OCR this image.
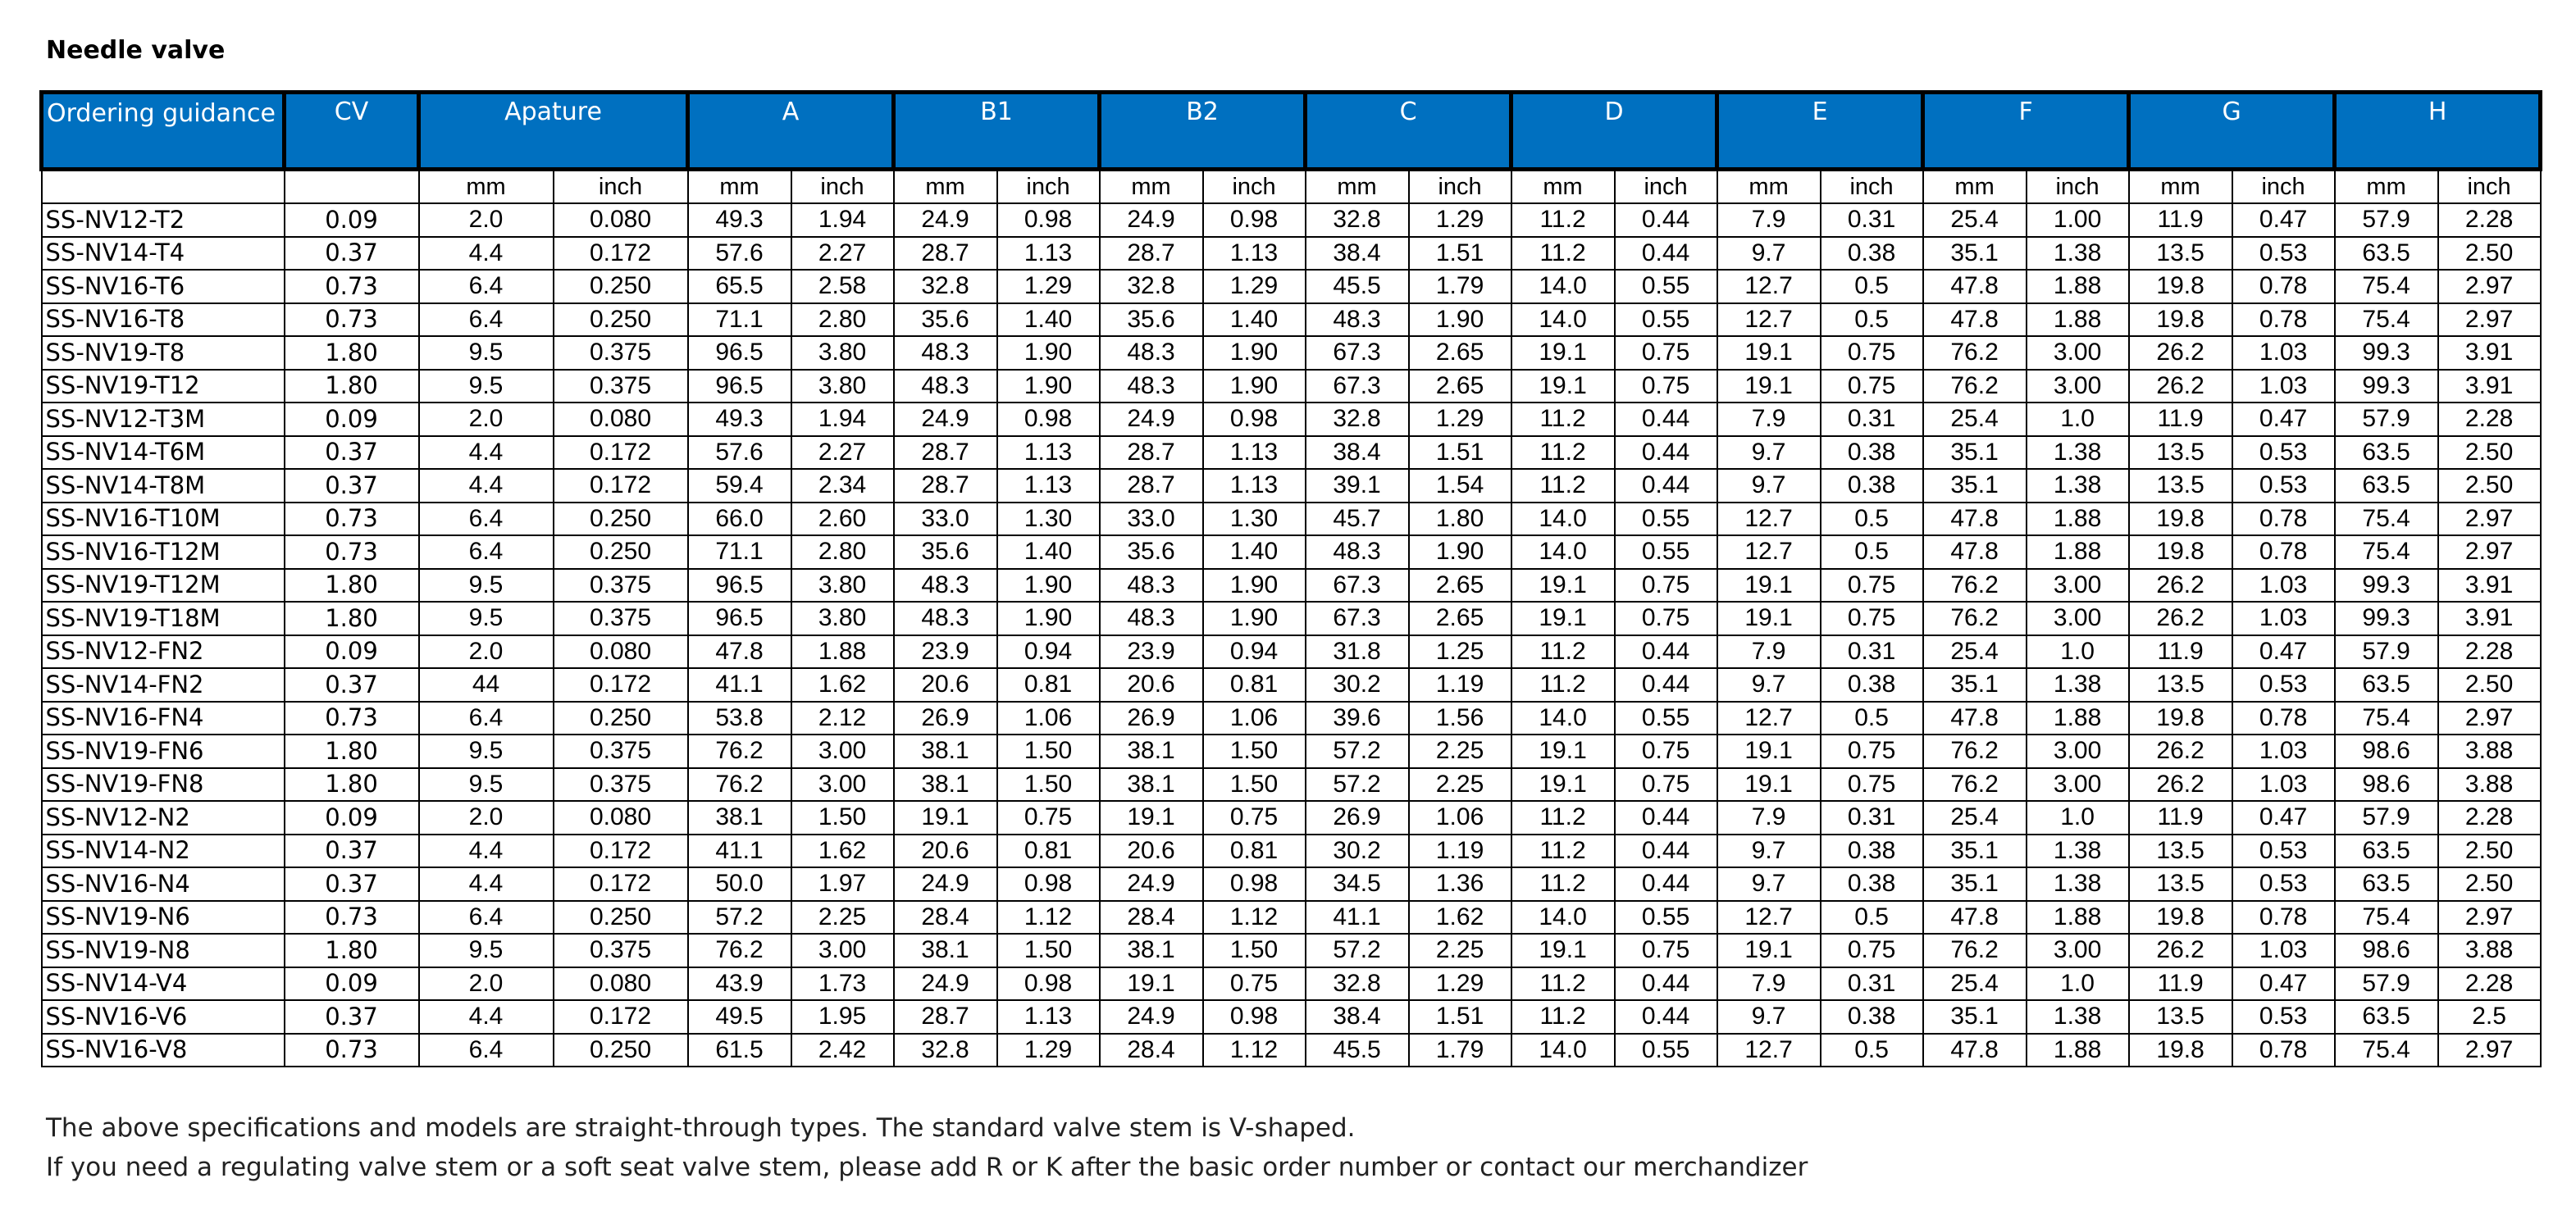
Needle valve
Ordering guidance	CV	Apature		A		B1		B2		C		D		E		F		G		H	
		mm	inch	mm	inch	mm	inch	mm	inch	mm	inch	mm	inch	mm	inch	mm	inch	mm	inch	mm	inch
SS-NV12-T2	0.09	2.0	0.080	49.3	1.94	24.9	0.98	24.9	0.98	32.8	1.29	11.2	0.44	7.9	0.31	25.4	1.00	11.9	0.47	57.9	2.28
SS-NV14-T4	0.37	4.4	0.172	57.6	2.27	28.7	1.13	28.7	1.13	38.4	1.51	11.2	0.44	9.7	0.38	35.1	1.38	13.5	0.53	63.5	2.50
SS-NV16-T6	0.73	6.4	0.250	65.5	2.58	32.8	1.29	32.8	1.29	45.5	1.79	14.0	0.55	12.7	0.5	47.8	1.88	19.8	0.78	75.4	2.97
SS-NV16-T8	0.73	6.4	0.250	71.1	2.80	35.6	1.40	35.6	1.40	48.3	1.90	14.0	0.55	12.7	0.5	47.8	1.88	19.8	0.78	75.4	2.97
SS-NV19-T8	1.80	9.5	0.375	96.5	3.80	48.3	1.90	48.3	1.90	67.3	2.65	19.1	0.75	19.1	0.75	76.2	3.00	26.2	1.03	99.3	3.91
SS-NV19-T12	1.80	9.5	0.375	96.5	3.80	48.3	1.90	48.3	1.90	67.3	2.65	19.1	0.75	19.1	0.75	76.2	3.00	26.2	1.03	99.3	3.91
SS-NV12-T3M	0.09	2.0	0.080	49.3	1.94	24.9	0.98	24.9	0.98	32.8	1.29	11.2	0.44	7.9	0.31	25.4	1.0	11.9	0.47	57.9	2.28
SS-NV14-T6M	0.37	4.4	0.172	57.6	2.27	28.7	1.13	28.7	1.13	38.4	1.51	11.2	0.44	9.7	0.38	35.1	1.38	13.5	0.53	63.5	2.50
SS-NV14-T8M	0.37	4.4	0.172	59.4	2.34	28.7	1.13	28.7	1.13	39.1	1.54	11.2	0.44	9.7	0.38	35.1	1.38	13.5	0.53	63.5	2.50
SS-NV16-T10M	0.73	6.4	0.250	66.0	2.60	33.0	1.30	33.0	1.30	45.7	1.80	14.0	0.55	12.7	0.5	47.8	1.88	19.8	0.78	75.4	2.97
SS-NV16-T12M	0.73	6.4	0.250	71.1	2.80	35.6	1.40	35.6	1.40	48.3	1.90	14.0	0.55	12.7	0.5	47.8	1.88	19.8	0.78	75.4	2.97
SS-NV19-T12M	1.80	9.5	0.375	96.5	3.80	48.3	1.90	48.3	1.90	67.3	2.65	19.1	0.75	19.1	0.75	76.2	3.00	26.2	1.03	99.3	3.91
SS-NV19-T18M	1.80	9.5	0.375	96.5	3.80	48.3	1.90	48.3	1.90	67.3	2.65	19.1	0.75	19.1	0.75	76.2	3.00	26.2	1.03	99.3	3.91
SS-NV12-FN2	0.09	2.0	0.080	47.8	1.88	23.9	0.94	23.9	0.94	31.8	1.25	11.2	0.44	7.9	0.31	25.4	1.0	11.9	0.47	57.9	2.28
SS-NV14-FN2	0.37	44	0.172	41.1	1.62	20.6	0.81	20.6	0.81	30.2	1.19	11.2	0.44	9.7	0.38	35.1	1.38	13.5	0.53	63.5	2.50
SS-NV16-FN4	0.73	6.4	0.250	53.8	2.12	26.9	1.06	26.9	1.06	39.6	1.56	14.0	0.55	12.7	0.5	47.8	1.88	19.8	0.78	75.4	2.97
SS-NV19-FN6	1.80	9.5	0.375	76.2	3.00	38.1	1.50	38.1	1.50	57.2	2.25	19.1	0.75	19.1	0.75	76.2	3.00	26.2	1.03	98.6	3.88
SS-NV19-FN8	1.80	9.5	0.375	76.2	3.00	38.1	1.50	38.1	1.50	57.2	2.25	19.1	0.75	19.1	0.75	76.2	3.00	26.2	1.03	98.6	3.88
SS-NV12-N2	0.09	2.0	0.080	38.1	1.50	19.1	0.75	19.1	0.75	26.9	1.06	11.2	0.44	7.9	0.31	25.4	1.0	11.9	0.47	57.9	2.28
SS-NV14-N2	0.37	4.4	0.172	41.1	1.62	20.6	0.81	20.6	0.81	30.2	1.19	11.2	0.44	9.7	0.38	35.1	1.38	13.5	0.53	63.5	2.50
SS-NV16-N4	0.37	4.4	0.172	50.0	1.97	24.9	0.98	24.9	0.98	34.5	1.36	11.2	0.44	9.7	0.38	35.1	1.38	13.5	0.53	63.5	2.50
SS-NV19-N6	0.73	6.4	0.250	57.2	2.25	28.4	1.12	28.4	1.12	41.1	1.62	14.0	0.55	12.7	0.5	47.8	1.88	19.8	0.78	75.4	2.97
SS-NV19-N8	1.80	9.5	0.375	76.2	3.00	38.1	1.50	38.1	1.50	57.2	2.25	19.1	0.75	19.1	0.75	76.2	3.00	26.2	1.03	98.6	3.88
SS-NV14-V4	0.09	2.0	0.080	43.9	1.73	24.9	0.98	19.1	0.75	32.8	1.29	11.2	0.44	7.9	0.31	25.4	1.0	11.9	0.47	57.9	2.28
SS-NV16-V6	0.37	4.4	0.172	49.5	1.95	28.7	1.13	24.9	0.98	38.4	1.51	11.2	0.44	9.7	0.38	35.1	1.38	13.5	0.53	63.5	2.5
SS-NV16-V8	0.73	6.4	0.250	61.5	2.42	32.8	1.29	28.4	1.12	45.5	1.79	14.0	0.55	12.7	0.5	47.8	1.88	19.8	0.78	75.4	2.97
The above specifications and models are straight-through types. The standard valve stem is V-shaped.
If you need a regulating valve stem or a soft seat valve stem, please add R or K after the basic order number or contact our merchandizer
